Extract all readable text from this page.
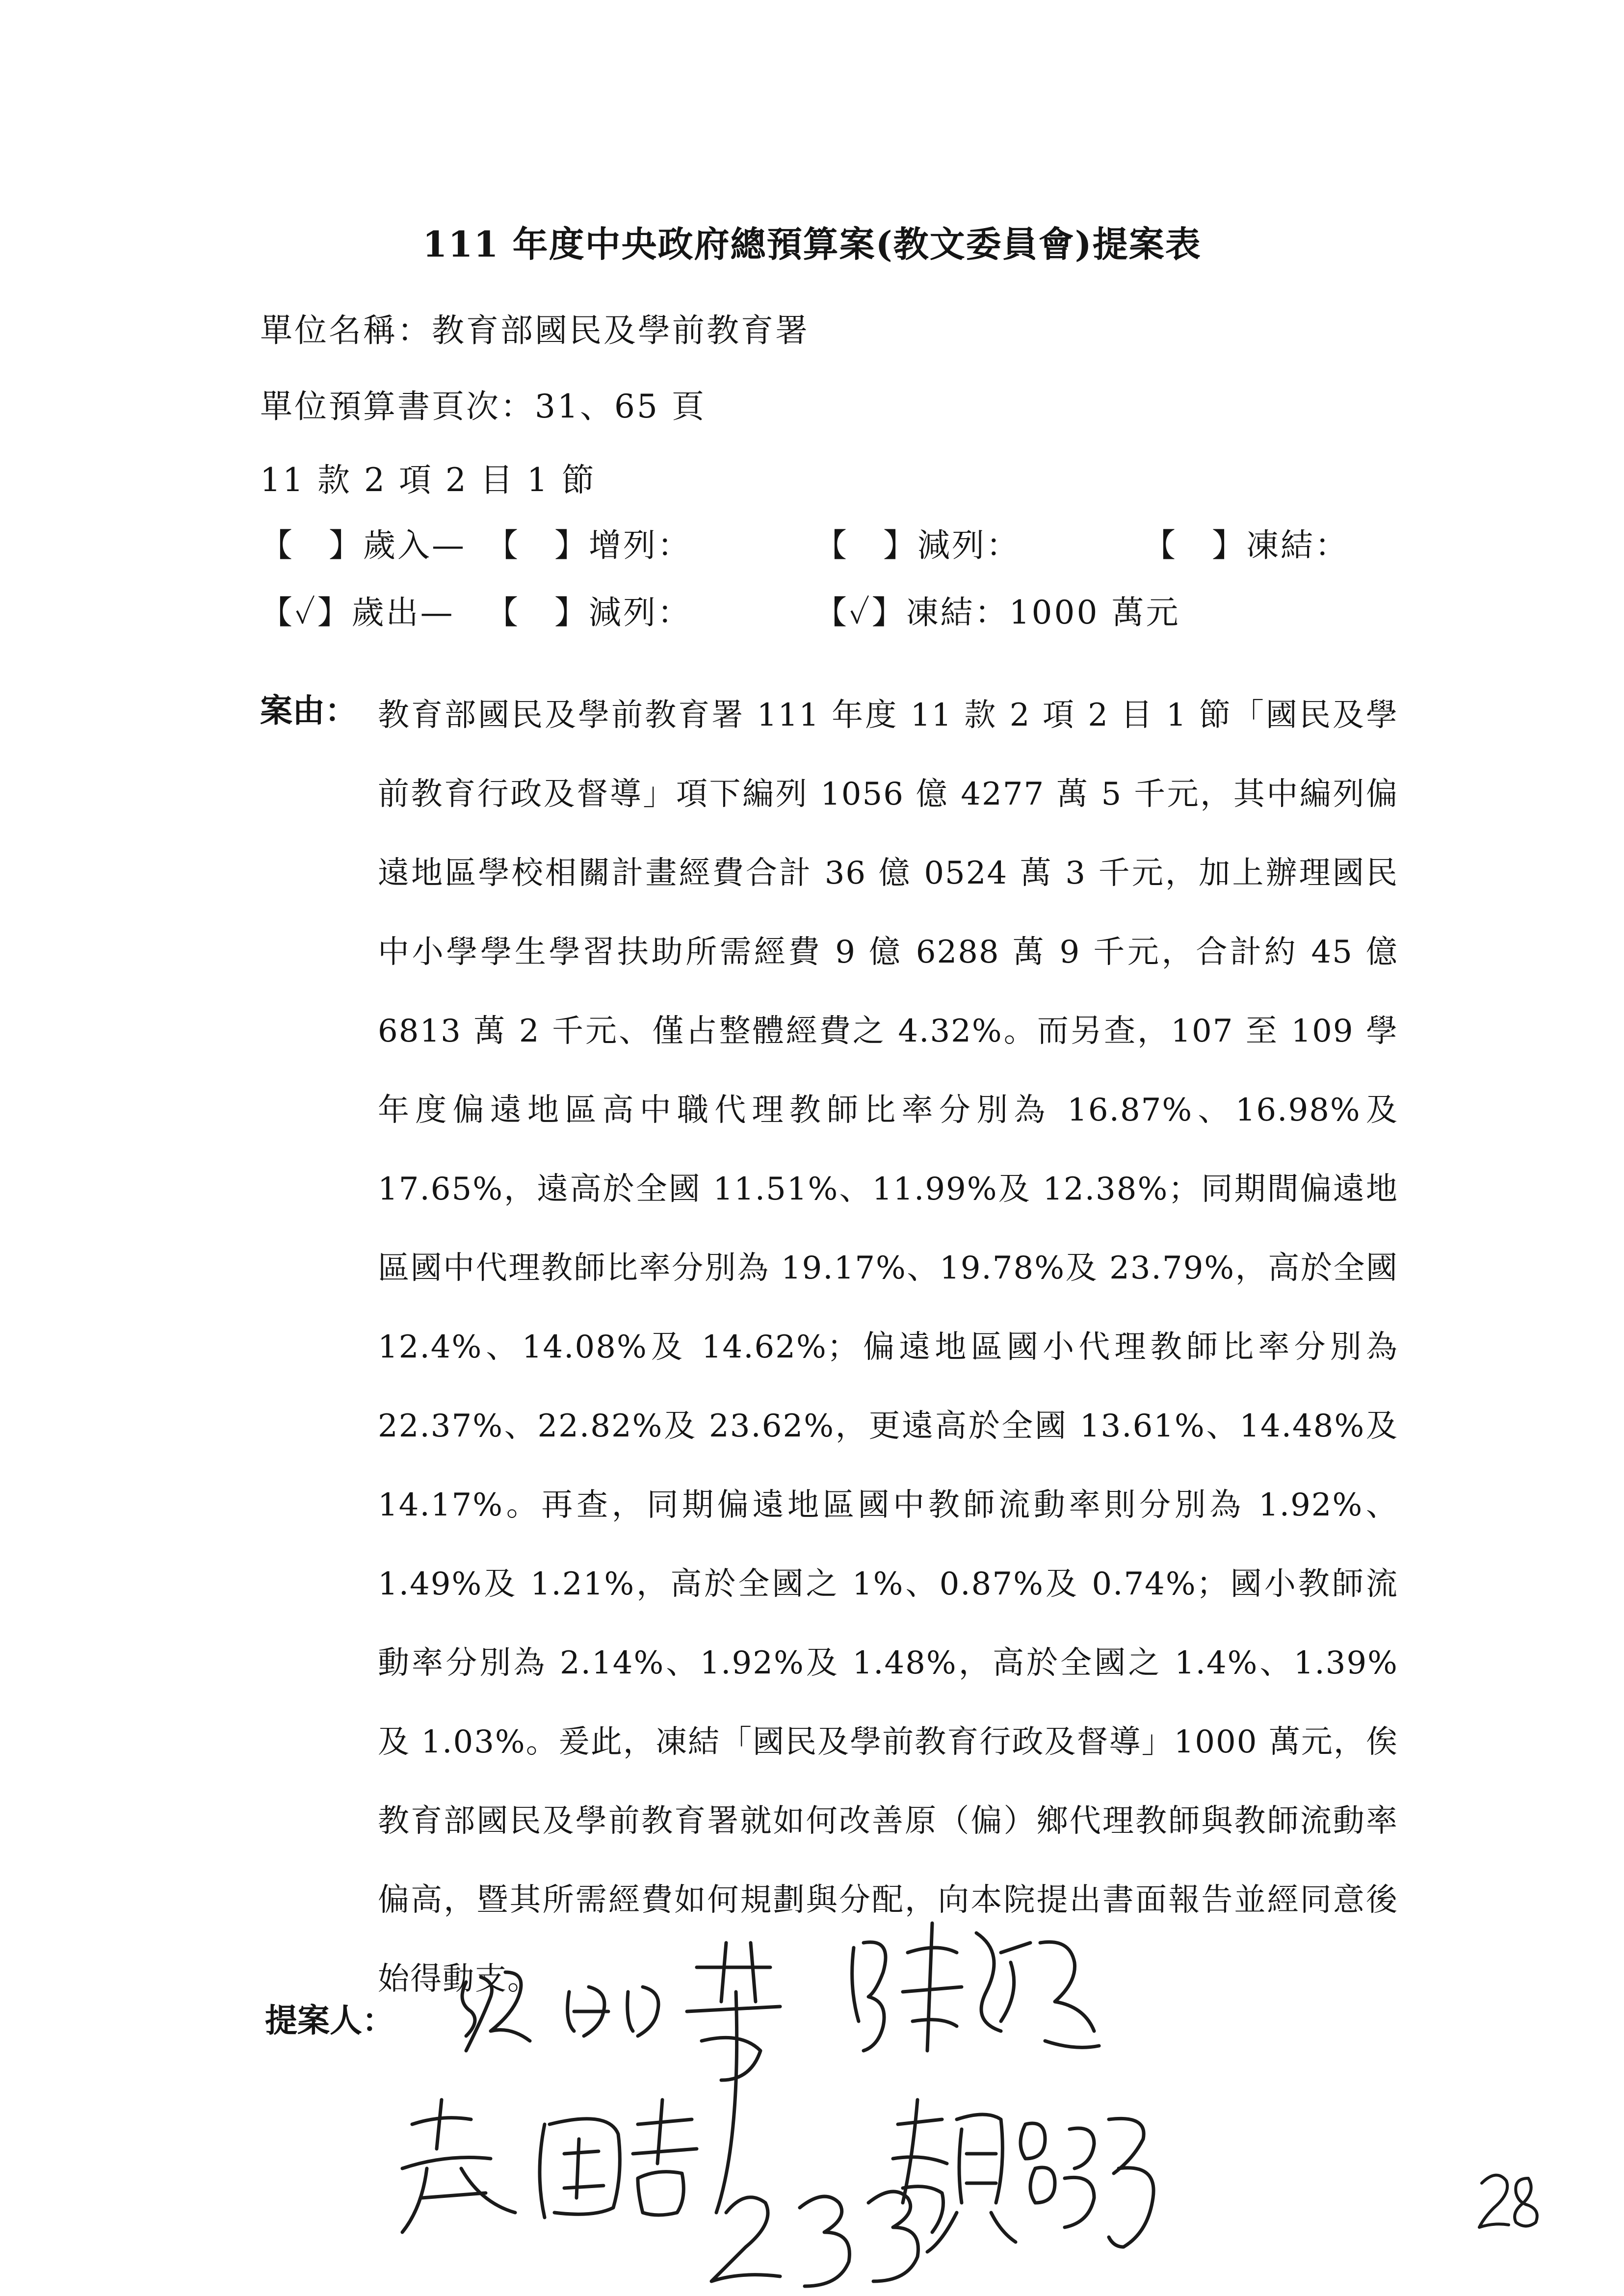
111 年度中央政府總預算案(教文委員會)提案表
單位名稱：教育部國民及學前教育署
單位預算書頁次：31、65 頁
11 款 2 項 2 目 1 節
【　】歲入— 【　】增列：	【　】減列：	【　】凍結：
【✓】歲出— 【　】減列：	【✓】凍結：1000 萬元
案由： 教育部國民及學前教育署 111 年度 11 款 2 項 2 目 1 節「國民及學前教育行政及督導」項下編列 1056 億 4277 萬 5 千元，其中編列偏遠地區學校相關計畫經費合計 36 億 0524 萬 3 千元，加上辦理國民中小學學生學習扶助所需經費 9 億 6288 萬 9 千元，合計約 45 億 6813 萬 2 千元、僅占整體經費之 4.32%。而另查，107 至 109 學年度偏遠地區高中職代理教師比率分別為 16.87%、16.98%及 17.65%，遠高於全國 11.51%、11.99%及 12.38%；同期間偏遠地區國中代理教師比率分別為 19.17%、19.78%及 23.79%，高於全國 12.4%、14.08%及 14.62%；偏遠地區國小代理教師比率分別為 22.37%、22.82%及 23.62%，更遠高於全國 13.61%、14.48%及 14.17%。再查，同期偏遠地區國中教師流動率則分別為 1.92%、1.49%及 1.21%，高於全國之 1%、0.87%及 0.74%；國小教師流動率分別為 2.14%、1.92%及 1.48%，高於全國之 1.4%、1.39%及 1.03%。爰此，凍結「國民及學前教育行政及督導」1000 萬元，俟教育部國民及學前教育署就如何改善原（偏）鄉代理教師與教師流動率偏高，暨其所需經費如何規劃與分配，向本院提出書面報告並經同意後始得動支。
提案人：
